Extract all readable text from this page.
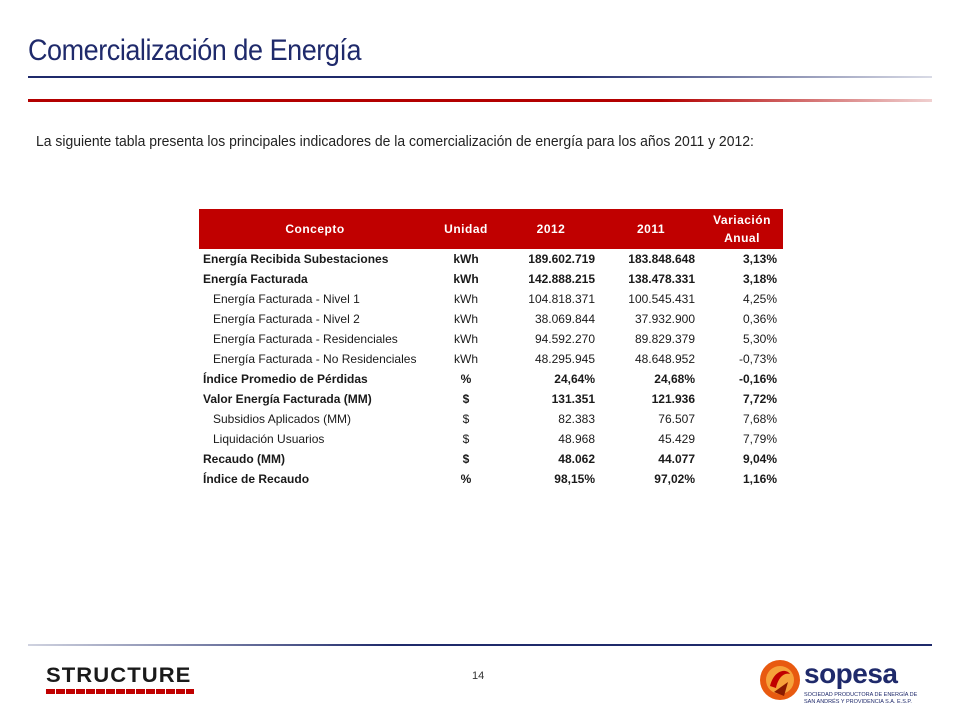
Comercialización de Energía
La siguiente tabla presenta los principales indicadores de la comercialización de energía para los años 2011 y 2012:
Concepto	Unidad	2012	2011	Variación
Anual
Energía Recibida Subestaciones	kWh	189.602.719	183.848.648	3,13%
Energía Facturada	kWh	142.888.215	138.478.331	3,18%
Energía Facturada - Nivel 1	kWh	104.818.371	100.545.431	4,25%
Energía Facturada - Nivel 2	kWh	38.069.844	37.932.900	0,36%
Energía Facturada - Residenciales	kWh	94.592.270	89.829.379	5,30%
Energía Facturada - No Residenciales	kWh	48.295.945	48.648.952	-0,73%
Índice Promedio de Pérdidas	%	24,64%	24,68%	-0,16%
Valor Energía Facturada (MM)	$	131.351	121.936	7,72%
Subsidios Aplicados (MM)	$	82.383	76.507	7,68%
Liquidación Usuarios	$	48.968	45.429	7,79%
Recaudo (MM)	$	48.062	44.077	9,04%
Índice de Recaudo	%	98,15%	97,02%	1,16%
STRUCTURE	14	sopesa
SOCIEDAD PRODUCTORA DE ENERGÍA DE
SAN ANDRÉS Y PROVIDENCIA S.A. E.S.P.
